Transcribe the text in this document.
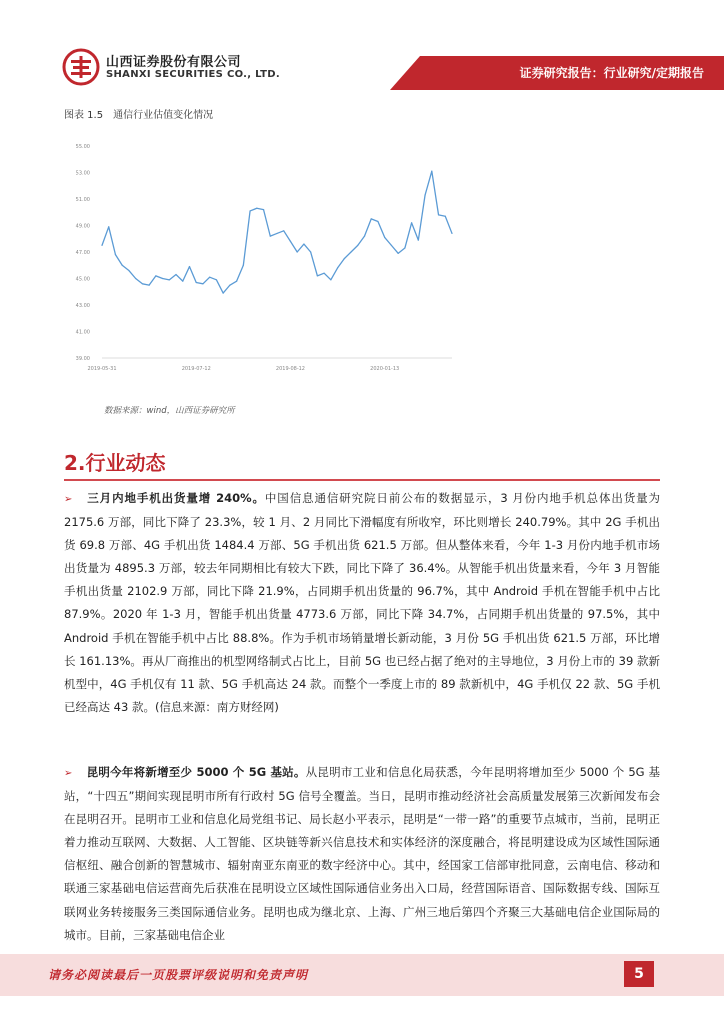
山西证券股份有限公司
SHANXI SECURITIES CO., LTD.	证券研究报告：行业研究/定期报告
图表 1.5 通信行业估值变化情况
55.00
53.00
51.00
49.00
47.00
45.00
43.00
41.00
39.00
2019-05-31	2019-07-12	2019-08-12	2020-01-13
数据来源：wind，山西证券研究所
2.行业动态
➢ 三月内地手机出货量增 240%。中国信息通信研究院日前公布的数据显示，3 月份内地手机总体出货量为 2175.6 万部，同比下降了 23.3%，较 1 月、2 月同比下滑幅度有所收窄，环比则增长 240.79%。其中 2G 手机出货 69.8 万部、4G 手机出货 1484.4 万部、5G 手机出货 621.5 万部。但从整体来看，今年 1-3 月份内地手机市场出货量为 4895.3 万部，较去年同期相比有较大下跌，同比下降了 36.4%。从智能手机出货量来看，今年 3 月智能手机出货量 2102.9 万部，同比下降 21.9%，占同期手机出货量的 96.7%，其中 Android 手机在智能手机中占比 87.9%。2020 年 1-3 月，智能手机出货量 4773.6 万部，同比下降 34.7%，占同期手机出货量的 97.5%，其中 Android 手机在智能手机中占比 88.8%。作为手机市场销量增长新动能，3 月份 5G 手机出货 621.5 万部，环比增长 161.13%。再从厂商推出的机型网络制式占比上，目前 5G 也已经占据了绝对的主导地位，3 月份上市的 39 款新机型中，4G 手机仅有 11 款、5G 手机高达 24 款。而整个一季度上市的 89 款新机中，4G 手机仅 22 款、5G 手机已经高达 43 款。(信息来源：南方财经网)
➢ 昆明今年将新增至少 5000 个 5G 基站。从昆明市工业和信息化局获悉，今年昆明将增加至少 5000 个 5G 基站，“十四五”期间实现昆明市所有行政村 5G 信号全覆盖。当日，昆明市推动经济社会高质量发展第三次新闻发布会在昆明召开。昆明市工业和信息化局党组书记、局长赵小平表示，昆明是“一带一路”的重要节点城市，当前，昆明正着力推动互联网、大数据、人工智能、区块链等新兴信息技术和实体经济的深度融合，将昆明建设成为区域性国际通信枢纽、融合创新的智慧城市、辐射南亚东南亚的数字经济中心。其中，经国家工信部审批同意，云南电信、移动和联通三家基础电信运营商先后获准在昆明设立区域性国际通信业务出入口局，经营国际语音、国际数据专线、国际互联网业务转接服务三类国际通信业务。昆明也成为继北京、上海、广州三地后第四个齐聚三大基础电信企业国际局的城市。目前，三家基础电信企业
请务必阅读最后一页股票评级说明和免责声明	5
